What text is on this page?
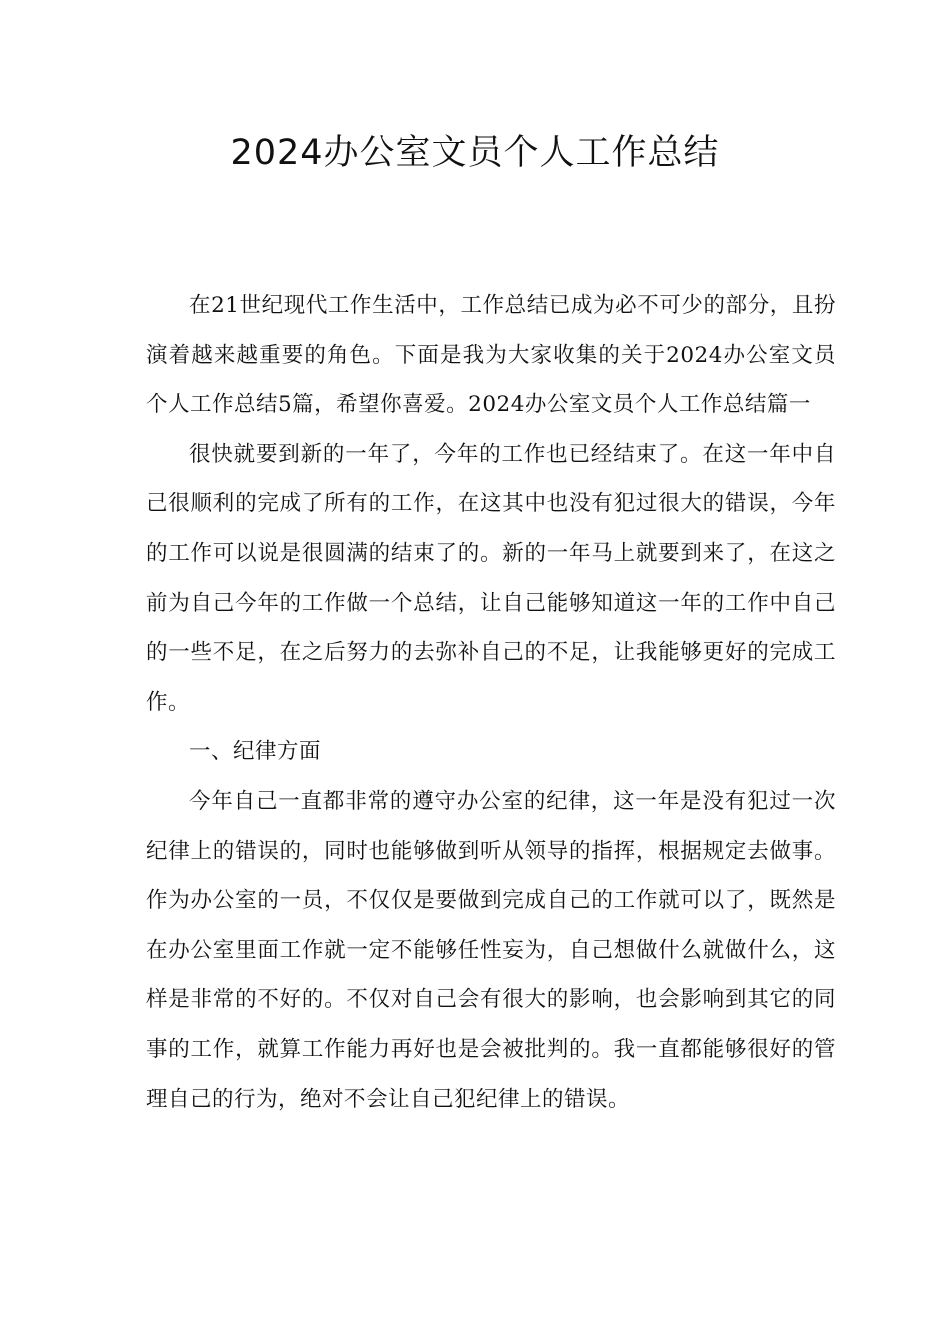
2024办公室文员个人工作总结

在21世纪现代工作生活中，工作总结已成为必不可少的部分，且扮演着越来越重要的角色。下面是我为大家收集的关于2024办公室文员个人工作总结5篇，希望你喜爱。2024办公室文员个人工作总结篇一

很快就要到新的一年了，今年的工作也已经结束了。在这一年中自己很顺利的完成了所有的工作，在这其中也没有犯过很大的错误，今年的工作可以说是很圆满的结束了的。新的一年马上就要到来了，在这之前为自己今年的工作做一个总结，让自己能够知道这一年的工作中自己的一些不足，在之后努力的去弥补自己的不足，让我能够更好的完成工作。

一、纪律方面

今年自己一直都非常的遵守办公室的纪律，这一年是没有犯过一次纪律上的错误的，同时也能够做到听从领导的指挥，根据规定去做事。作为办公室的一员，不仅仅是要做到完成自己的工作就可以了，既然是在办公室里面工作就一定不能够任性妄为，自己想做什么就做什么，这样是非常的不好的。不仅对自己会有很大的影响，也会影响到其它的同事的工作，就算工作能力再好也是会被批判的。我一直都能够很好的管理自己的行为，绝对不会让自己犯纪律上的错误。
